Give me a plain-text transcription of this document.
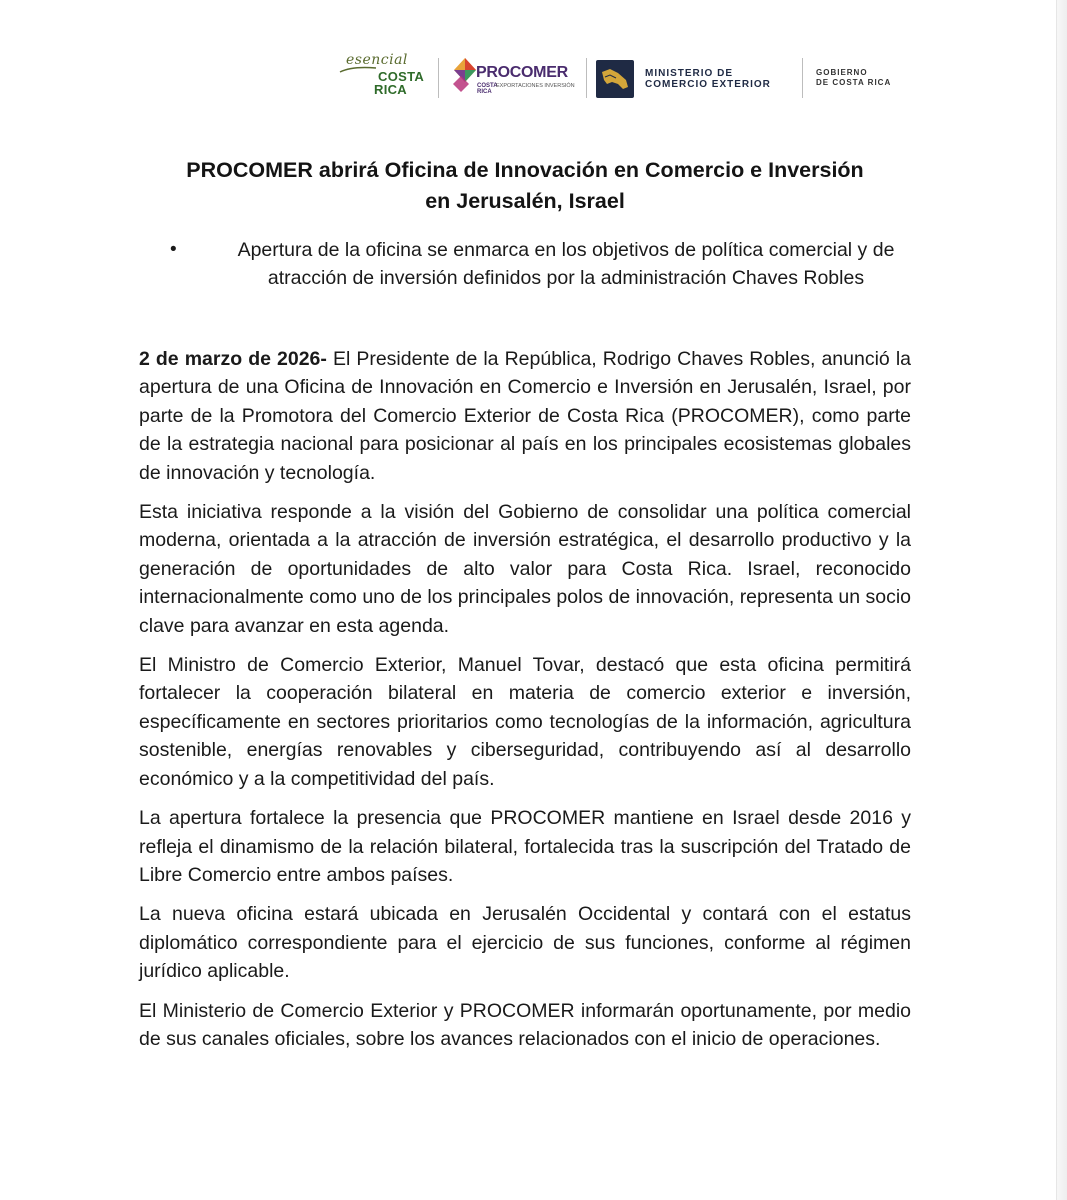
esencial
COSTA
RICA
PROCOMER
COSTA
RICA
EXPORTACIONES INVERSIÓN
MINISTERIO DE
COMERCIO EXTERIOR
GOBIERNO
DE COSTA RICA
PROCOMER abrirá Oficina de Innovación en Comercio e Inversión
en Jerusalén, Israel
•	Apertura de la oficina se enmarca en los objetivos de política comercial y de atracción de inversión definidos por la administración Chaves Robles

2 de marzo de 2026- El Presidente de la República, Rodrigo Chaves Robles, anunció la apertura de una Oficina de Innovación en Comercio e Inversión en Jerusalén, Israel, por parte de la Promotora del Comercio Exterior de Costa Rica (PROCOMER), como parte de la estrategia nacional para posicionar al país en los principales ecosistemas globales de innovación y tecnología.

Esta iniciativa responde a la visión del Gobierno de consolidar una política comercial moderna, orientada a la atracción de inversión estratégica, el desarrollo productivo y la generación de oportunidades de alto valor para Costa Rica. Israel, reconocido internacionalmente como uno de los principales polos de innovación, representa un socio clave para avanzar en esta agenda.

El Ministro de Comercio Exterior, Manuel Tovar, destacó que esta oficina permitirá fortalecer la cooperación bilateral en materia de comercio exterior e inversión, específicamente en sectores prioritarios como tecnologías de la información, agricultura sostenible, energías renovables y ciberseguridad, contribuyendo así al desarrollo económico y a la competitividad del país.

La apertura fortalece la presencia que PROCOMER mantiene en Israel desde 2016 y refleja el dinamismo de la relación bilateral, fortalecida tras la suscripción del Tratado de Libre Comercio entre ambos países.

La nueva oficina estará ubicada en Jerusalén Occidental y contará con el estatus diplomático correspondiente para el ejercicio de sus funciones, conforme al régimen jurídico aplicable.

El Ministerio de Comercio Exterior y PROCOMER informarán oportunamente, por medio de sus canales oficiales, sobre los avances relacionados con el inicio de operaciones.
